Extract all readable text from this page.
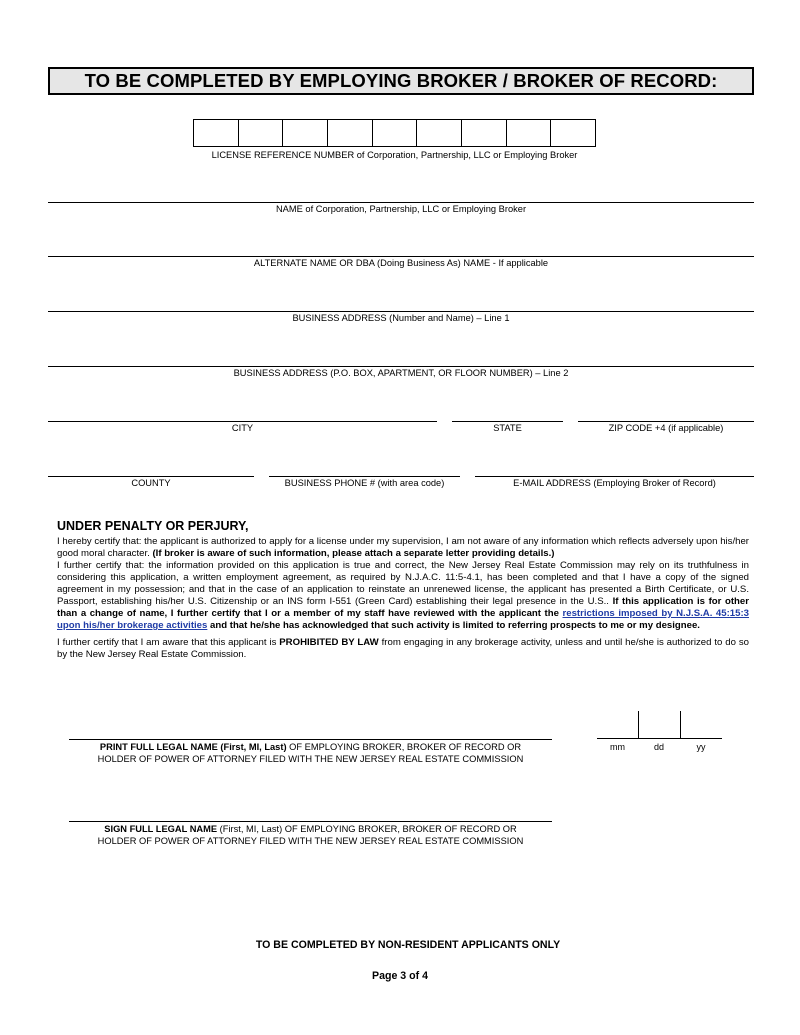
TO BE COMPLETED BY EMPLOYING BROKER / BROKER OF RECORD:
LICENSE REFERENCE NUMBER of Corporation, Partnership, LLC or Employing Broker
NAME of Corporation, Partnership, LLC or Employing Broker
ALTERNATE NAME OR DBA (Doing Business As) NAME - If applicable
BUSINESS ADDRESS (Number and Name) – Line 1
BUSINESS ADDRESS (P.O. BOX, APARTMENT, OR FLOOR NUMBER) – Line 2
CITY	STATE	ZIP CODE +4 (if applicable)
COUNTY	BUSINESS PHONE # (with area code)	E-MAIL ADDRESS (Employing Broker of Record)
UNDER PENALTY OR PERJURY,
I hereby certify that: the applicant is authorized to apply for a license under my supervision, I am not aware of any information which reflects adversely upon his/her good moral character. (If broker is aware of such information, please attach a separate letter providing details.)
I further certify that: the information provided on this application is true and correct, the New Jersey Real Estate Commission may rely on its truthfulness in considering this application, a written employment agreement, as required by N.J.A.C. 11:5-4.1, has been completed and that I have a copy of the signed agreement in my possession; and that in the case of an application to reinstate an unrenewed license, the applicant has presented a Birth Certificate, or U.S. Passport, establishing his/her U.S. Citizenship or an INS form I-551 (Green Card) establishing their legal presence in the U.S.. If this application is for other than a change of name, I further certify that I or a member of my staff have reviewed with the applicant the restrictions imposed by N.J.S.A. 45:15:3 upon his/her brokerage activities and that he/she has acknowledged that such activity is limited to referring prospects to me or my designee.
I further certify that I am aware that this applicant is PROHIBITED BY LAW from engaging in any brokerage activity, unless and until he/she is authorized to do so by the New Jersey Real Estate Commission.
PRINT FULL LEGAL NAME (First, MI, Last) OF EMPLOYING BROKER, BROKER OF RECORD OR
HOLDER OF POWER OF ATTORNEY FILED WITH THE NEW JERSEY REAL ESTATE COMMISSION
mm	dd	yy
SIGN FULL LEGAL NAME (First, MI, Last) OF EMPLOYING BROKER, BROKER OF RECORD OR
HOLDER OF POWER OF ATTORNEY FILED WITH THE NEW JERSEY REAL ESTATE COMMISSION
TO BE COMPLETED BY NON-RESIDENT APPLICANTS ONLY
Page 3 of 4
